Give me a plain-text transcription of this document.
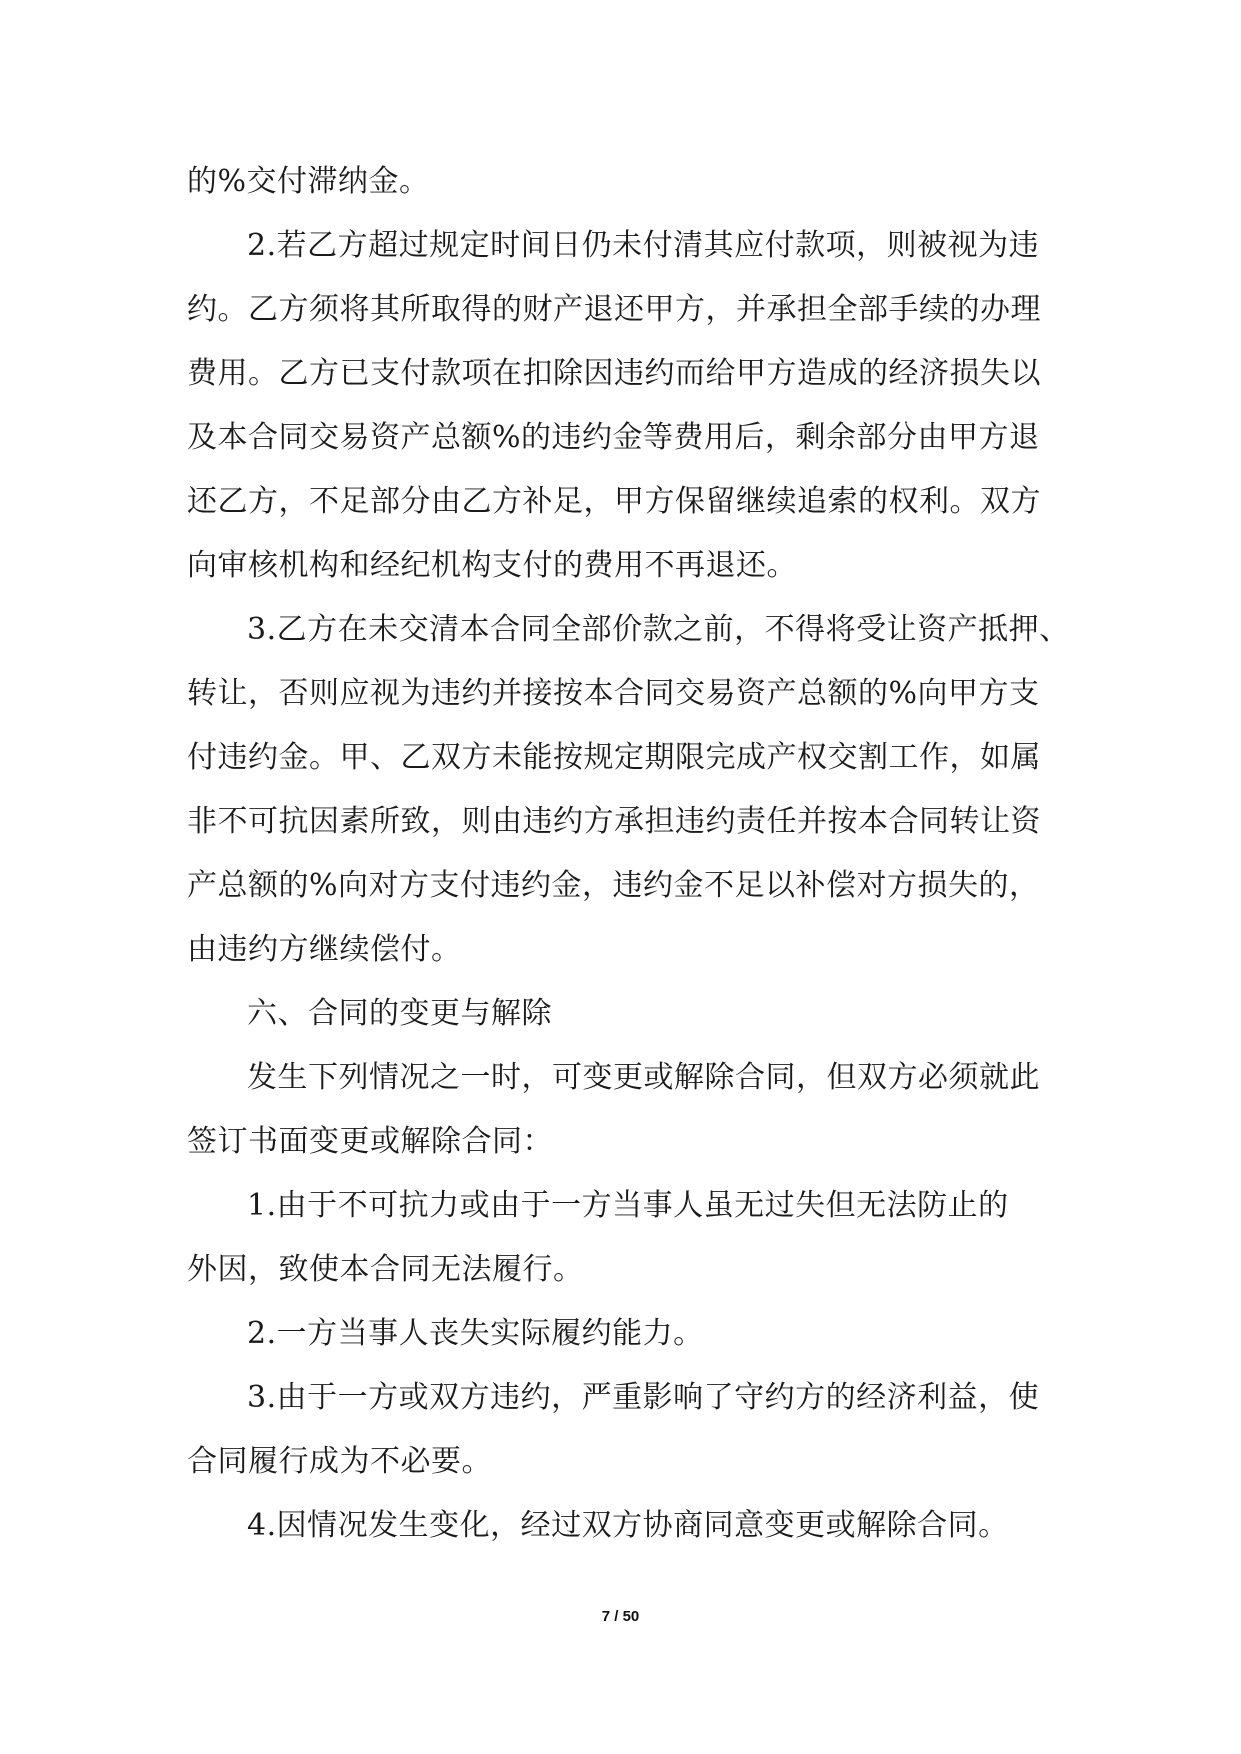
的%交付滞纳金。
2.若乙方超过规定时间日仍未付清其应付款项，则被视为违
约。乙方须将其所取得的财产退还甲方，并承担全部手续的办理
费用。乙方已支付款项在扣除因违约而给甲方造成的经济损失以
及本合同交易资产总额%的违约金等费用后，剩余部分由甲方退
还乙方，不足部分由乙方补足，甲方保留继续追索的权利。双方
向审核机构和经纪机构支付的费用不再退还。
3.乙方在未交清本合同全部价款之前，不得将受让资产抵押、
转让，否则应视为违约并接按本合同交易资产总额的%向甲方支
付违约金。甲、乙双方未能按规定期限完成产权交割工作，如属
非不可抗因素所致，则由违约方承担违约责任并按本合同转让资
产总额的%向对方支付违约金，违约金不足以补偿对方损失的，
由违约方继续偿付。
六、合同的变更与解除
发生下列情况之一时，可变更或解除合同，但双方必须就此
签订书面变更或解除合同：
1.由于不可抗力或由于一方当事人虽无过失但无法防止的
外因，致使本合同无法履行。
2.一方当事人丧失实际履约能力。
3.由于一方或双方违约，严重影响了守约方的经济利益，使
合同履行成为不必要。
4.因情况发生变化，经过双方协商同意变更或解除合同。
7 / 50
